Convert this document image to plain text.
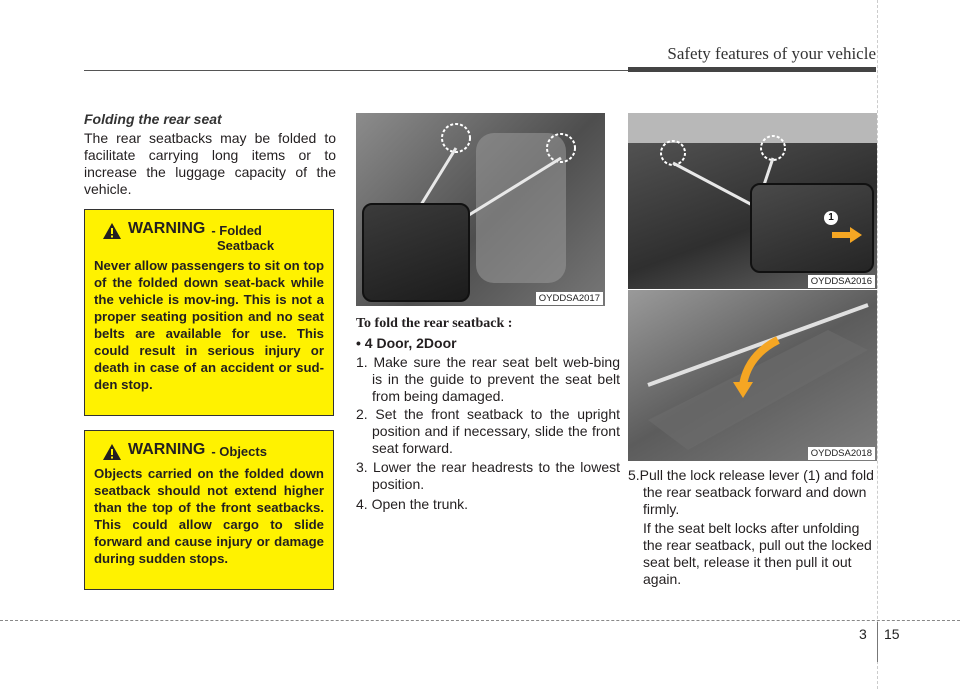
Safety features of your vehicle
Folding the rear seat
The rear seatbacks may be folded to facilitate carrying long items or to increase the luggage capacity of the vehicle.
WARNING - Folded
Seatback
Never allow passengers to sit on top of the folded down seat-back while the vehicle is mov-ing. This is not a proper seating position and no seat belts are available for use. This could result in serious injury or death in case of an accident or sud-den stop.
WARNING - Objects
Objects carried on the folded down seatback should not extend higher than the top of the front seatbacks. This could allow cargo to slide forward and cause injury or damage during sudden stops.
OYDDSA2017
To fold the rear seatback :
• 4 Door, 2Door
1. Make sure the rear seat belt web-bing is in the guide to prevent the seat belt from being damaged.
2. Set the front seatback to the upright position and if necessary, slide the front seat forward.
3. Lower the rear headrests to the lowest position.
4. Open the trunk.
1
OYDDSA2016
OYDDSA2018
5.Pull the lock release lever (1) and fold the rear seatback forward and down firmly.
If the seat belt locks after unfolding the rear seatback, pull out the locked seat belt, release it then pull it out again.
3 15
